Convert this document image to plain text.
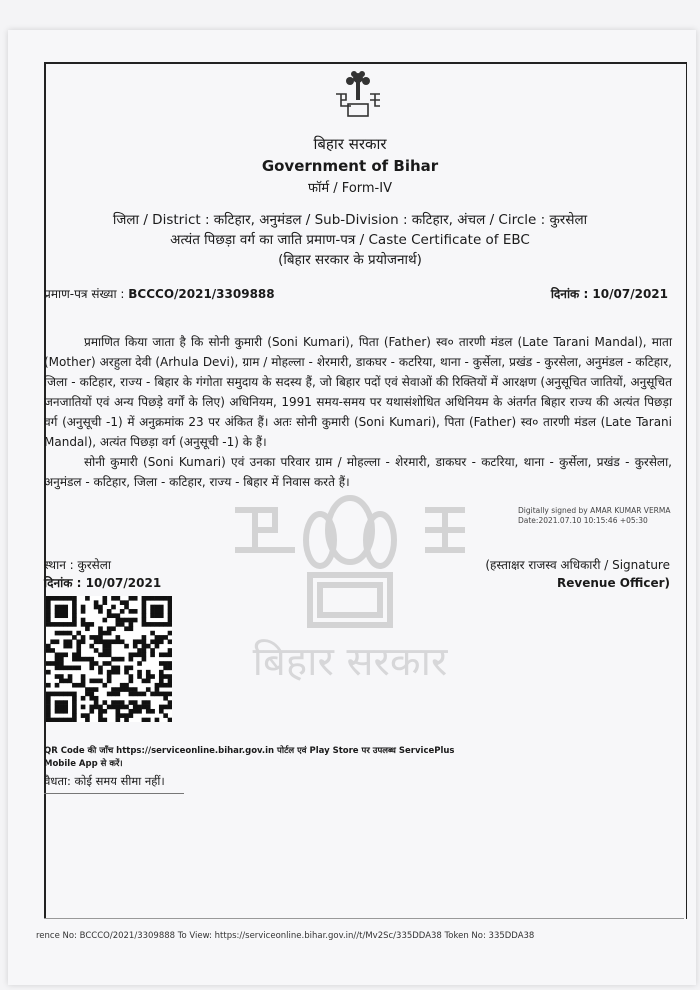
बिहार सरकार
बिहार सरकार
Government of Bihar
फॉर्म / Form-IV
जिला / District : कटिहार, अनुमंडल / Sub-Division : कटिहार, अंचल / Circle : कुरसेला
अत्यंत पिछड़ा वर्ग का जाति प्रमाण-पत्र / Caste Certificate of EBC
(बिहार सरकार के प्रयोजनार्थ)
प्रमाण-पत्र संख्या : BCCCO/2021/3309888	दिनांक : 10/07/2021
प्रमाणित किया जाता है कि सोनी कुमारी (Soni Kumari), पिता (Father) स्व० तारणी मंडल (Late Tarani Mandal), माता (Mother) अरहुला देवी (Arhula Devi), ग्राम / मोहल्ला - शेरमारी, डाकघर - कटरिया, थाना - कुर्सेला, प्रखंड - कुरसेला, अनुमंडल - कटिहार, जिला - कटिहार, राज्य - बिहार के गंगोता समुदाय के सदस्य हैं, जो बिहार पदों एवं सेवाओं की रिक्तियों में आरक्षण (अनुसूचित जातियों, अनुसूचित जनजातियों एवं अन्य पिछड़े वर्गों के लिए) अधिनियम, 1991 समय-समय पर यथासंशोधित अधिनियम के अंतर्गत बिहार राज्य की अत्यंत पिछड़ा वर्ग (अनुसूची -1) में अनुक्रमांक 23 पर अंकित हैं। अतः सोनी कुमारी (Soni Kumari), पिता (Father) स्व० तारणी मंडल (Late Tarani Mandal), अत्यंत पिछड़ा वर्ग (अनुसूची -1) के हैं।
सोनी कुमारी (Soni Kumari) एवं उनका परिवार ग्राम / मोहल्ला - शेरमारी, डाकघर - कटरिया, थाना - कुर्सेला, प्रखंड - कुरसेला, अनुमंडल - कटिहार, जिला - कटिहार, राज्य - बिहार में निवास करते हैं।
Digitally signed by AMAR KUMAR VERMA
Date:2021.07.10 10:15:46 +05:30
स्थान : कुरसेला
दिनांक : 10/07/2021
(हस्ताक्षर राजस्व अधिकारी / Signature
Revenue Officer)
QR Code की जाँच https://serviceonline.bihar.gov.in पोर्टल एवं Play Store पर उपलब्ध ServicePlus Mobile App से करें।
वैधता: कोई समय सीमा नहीं।
rence No: BCCCO/2021/3309888 To View: https://serviceonline.bihar.gov.in//t/Mv2Sc/335DDA38 Token No: 335DDA38
